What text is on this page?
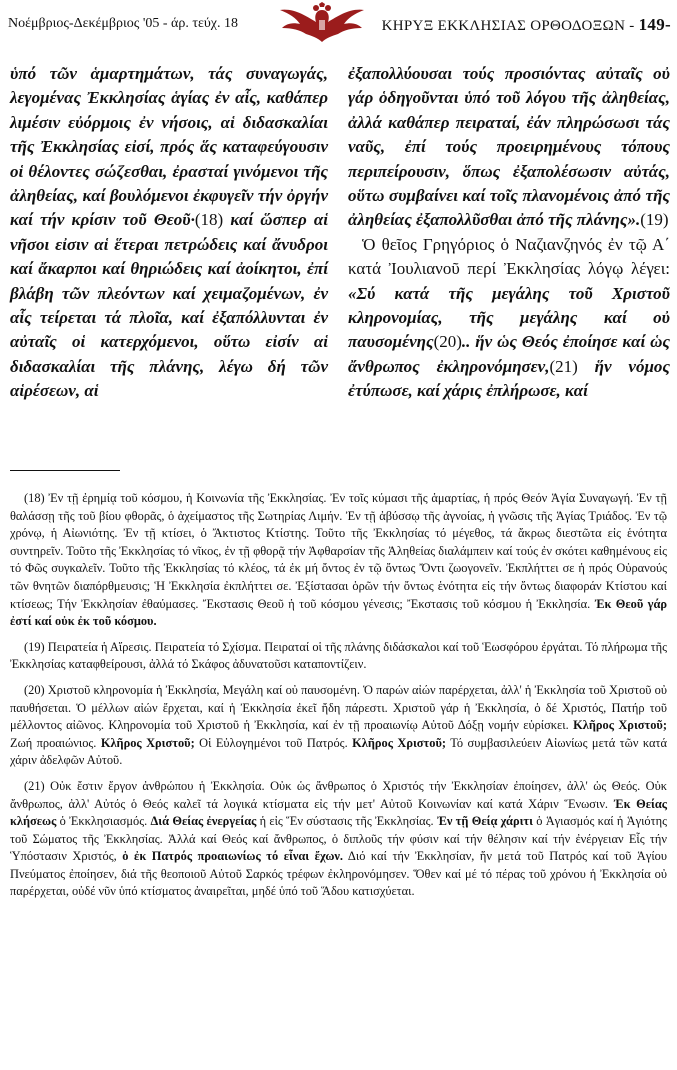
Νοέμβριος-Δεκέμβριος '05 - άρ. τεύχ. 18	ΚΗΡΥΞ ΕΚΚΛΗΣΙΑΣ ΟΡΘΟΔΟΞΩΝ - 149-

ὑπό τῶν ἁμαρτημάτων, τάς συναγωγάς, λεγομένας Ἐκκλησίας ἁγίας ἐν αἷς, καθάπερ λιμέσιν εὐόρμοις ἐν νήσοις, αἱ διδασκαλίαι τῆς Ἐκκλησίας εἰσί, πρός ἅς καταφεύγουσιν οἱ θέλοντες σώζεσθαι, ἐρασταί γινόμενοι τῆς ἀληθείας, καί βουλόμενοι ἐκφυγεῖν τήν ὀργήν καί τήν κρίσιν τοῦ Θεοῦ·(18) καί ὥσπερ αἱ νῆσοι εἰσιν αἱ ἕτεραι πετρώδεις καί ἄνυδροι καί ἄκαρποι καί θηριώδεις καί ἀοίκητοι, ἐπί βλάβη τῶν πλεόντων καί χειμαζομένων, ἐν αἷς τείρεται τά πλοῖα, καί ἐξαπόλλυνται ἐν αὐταῖς οἱ κατερχόμενοι, οὕτω εἰσίν αἱ διδασκαλίαι τῆς πλάνης, λέγω δή τῶν αἱρέσεων, αἱ

ἐξαπολλύουσαι τούς προσιόντας αὐταῖς οὐ γάρ ὁδηγοῦνται ὑπό τοῦ λόγου τῆς ἀληθείας, ἀλλά καθάπερ πειραταί, ἐάν πληρώσωσι τάς ναῦς, ἐπί τούς προειρημένους τόπους περιπείρουσιν, ὅπως ἐξαπολέσωσιν αὐτάς, οὕτω συμβαίνει καί τοῖς πλανομένοις ἀπό τῆς ἀληθείας ἐξαπολλῦσθαι ἀπό τῆς πλάνης».(19)

Ὁ θεῖος Γρηγόριος ὁ Ναζιανζηνός ἐν τῷ Α΄ κατά Ἰουλιανοῦ περί Ἐκκλησίας λόγῳ λέγει: «Σύ κατά τῆς μεγάλης τοῦ Χριστοῦ κληρονομίας, τῆς μεγάλης καί οὐ παυσομένης(20).. ἥν ὡς Θεός ἐποίησε καί ὡς ἄνθρωπος ἐκληρονόμησεν,(21) ἥν νόμος ἐτύπωσε, καί χάρις ἐπλήρωσε, καί

(18) Ἐν τῇ ἐρημίᾳ τοῦ κόσμου, ἡ Κοινωνία τῆς Ἐκκλησίας. Ἐν τοῖς κύμασι τῆς ἁμαρτίας, ἡ πρός Θεόν Ἁγία Συναγωγή. Ἐν τῇ θαλάσσῃ τῆς τοῦ βίου φθορᾶς, ὁ ἀχείμαστος τῆς Σωτηρίας Λιμήν. Ἐν τῇ ἀβύσσῳ τῆς ἀγνοίας, ἡ γνῶσις τῆς Ἁγίας Τριάδος. Ἐν τῷ χρόνῳ, ἡ Αἰωνιότης. Ἐν τῇ κτίσει, ὁ Ἄκτιστος Κτίστης. Τοῦτο τῆς Ἐκκλησίας τό μέγεθος, τά ἄκρως διεστῶτα εἰς ἑνότητα συντηρεῖν. Τοῦτο τῆς Ἐκκλησίας τό νῖκος, ἐν τῇ φθορᾷ τήν Ἀφθαρσίαν τῆς Ἀληθείας διαλάμπειν καί τούς ἐν σκότει καθημένους εἰς τό Φῶς συγκαλεῖν. Τοῦτο τῆς Ἐκκλησίας τό κλέος, τά ἐκ μή ὄντος ἐν τῷ ὄντως Ὄντι ζωογονεῖν. Ἐκπλήττει σε ἡ πρός Οὐρανούς τῶν θνητῶν διαπόρθμευσις; Ἡ Ἐκκλησία ἐκπλήττει σε. Ἐξίστασαι ὁρῶν τήν ὄντως ἑνότητα εἰς τήν ὄντως διαφοράν Κτίστου καί κτίσεως; Τήν Ἐκκλησίαν ἐθαύμασες. Ἔκστασις Θεοῦ ἡ τοῦ κόσμου γένεσις; Ἔκστασις τοῦ κόσμου ἡ Ἐκκλησία. Ἐκ Θεοῦ γάρ ἐστί καί οὐκ ἐκ τοῦ κόσμου.

(19) Πειρατεία ἡ Αἵρεσις. Πειρατεία τό Σχίσμα. Πειραταί οἱ τῆς πλάνης διδάσκαλοι καί τοῦ Ἑωσφόρου ἐργάται. Τό πλήρωμα τῆς Ἐκκλησίας καταφθείρουσι, ἀλλά τό Σκάφος ἀδυνατοῦσι καταποντίζειν.

(20) Χριστοῦ κληρονομία ἡ Ἐκκλησία, Μεγάλη καί οὐ παυσομένη. Ὁ παρών αἰών παρέρχεται, ἀλλ' ἡ Ἐκκλησία τοῦ Χριστοῦ οὐ παυθήσεται. Ὁ μέλλων αἰών ἔρχεται, καί ἡ Ἐκκλησία ἐκεῖ ἤδη πάρεστι. Χριστοῦ γάρ ἡ Ἐκκλησία, ὁ δέ Χριστός, Πατήρ τοῦ μέλλοντος αἰῶνος. Κληρονομία τοῦ Χριστοῦ ἡ Ἐκκλησία, καί ἐν τῇ προαιωνίῳ Αὐτοῦ Δόξῃ νομήν εὑρίσκει. Κλῆρος Χριστοῦ; Ζωή προαιώνιος. Κλῆρος Χριστοῦ; Οἱ Εὐλογημένοι τοῦ Πατρός. Κλῆρος Χριστοῦ; Τό συμβασιλεύειν Αἰωνίως μετά τῶν κατά χάριν ἀδελφῶν Αὐτοῦ.

(21) Οὐκ ἔστιν ἔργον ἀνθρώπου ἡ Ἐκκλησία. Οὐκ ὡς ἄνθρωπος ὁ Χριστός τήν Ἐκκλησίαν ἐποίησεν, ἀλλ' ὡς Θεός. Οὐκ ἄνθρωπος, ἀλλ' Αὐτός ὁ Θεός καλεῖ τά λογικά κτίσματα εἰς τήν μετ' Αὐτοῦ Κοινωνίαν καί κατά Χάριν Ἕνωσιν. Ἐκ Θείας κλήσεως ὁ Ἐκκλησιασμός. Διά Θείας ἐνεργείας ἡ εἰς Ἕν σύστασις τῆς Ἐκκλησίας. Ἐν τῇ Θείᾳ χάριτι ὁ Ἁγιασμός καί ἡ Ἁγιότης τοῦ Σώματος τῆς Ἐκκλησίας. Ἀλλά καί Θεός καί ἄνθρωπος, ὁ διπλοῦς τήν φύσιν καί τήν θέλησιν καί τήν ἐνέργειαν Εἷς τήν Ὑπόστασιν Χριστός, ὁ ἐκ Πατρός προαιωνίως τό εἶναι ἔχων. Διό καί τήν Ἐκκλησίαν, ἥν μετά τοῦ Πατρός καί τοῦ Ἁγίου Πνεύματος ἐποίησεν, διά τῆς θεοποιοῦ Αὐτοῦ Σαρκός τρέφων ἐκληρονόμησεν. Ὅθεν καί μέ τό πέρας τοῦ χρόνου ἡ Ἐκκλησία οὐ παρέρχεται, οὐδέ νῦν ὑπό κτίσματος ἀναιρεῖται, μηδέ ὑπό τοῦ Ἅδου κατισχύεται.
